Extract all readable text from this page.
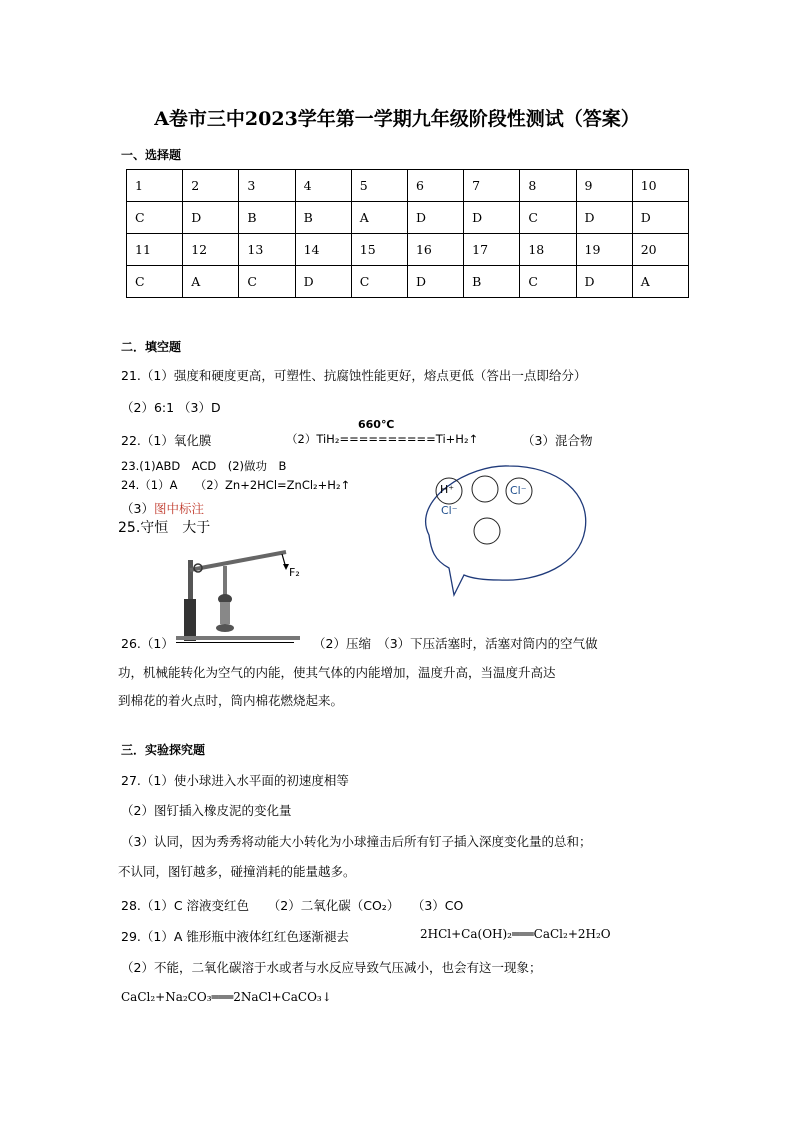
A卷市三中2023学年第一学期九年级阶段性测试（答案）
一、选择题
1	2	3	4	5	6	7	8	9	10
C	D	B	B	A	D	D	C	D	D
11	12	13	14	15	16	17	18	19	20
C	A	C	D	C	D	B	C	D	A
二．填空题
21.（1）强度和硬度更高，可塑性、抗腐蚀性能更好，熔点更低（答出一点即给分）
（2）6:1 （3）D
22.（1）氧化膜
660℃
（2）TiH₂==========Ti+H₂↑	（3）混合物
23.(1)ABD　ACD　(2)做功　B
24.（1）A　　（2）Zn+2HCl=ZnCl₂+H₂↑
（3）图中标注
25.守恒　大于
H⁺	Cl⁻
Cl⁻
F₂
26.（1）	（2）压缩　（3）下压活塞时，活塞对筒内的空气做
功，机械能转化为空气的内能，使其气体的内能增加，温度升高，当温度升高达
到棉花的着火点时，筒内棉花燃烧起来。
三．实验探究题
27.（1）使小球进入水平面的初速度相等
（2）图钉插入橡皮泥的变化量
（3）认同，因为秀秀将动能大小转化为小球撞击后所有钉子插入深度变化量的总和；
不认同，图钉越多，碰撞消耗的能量越多。
28.（1）C 溶液变红色　　（2）二氧化碳（CO₂）　　（3）CO
29.（1）A 锥形瓶中液体红红色逐渐褪去	2HCl+Ca(OH)₂═══CaCl₂+2H₂O
（2）不能，二氧化碳溶于水或者与水反应导致气压减小，也会有这一现象；
CaCl₂+Na₂CO₃═══2NaCl+CaCO₃↓
